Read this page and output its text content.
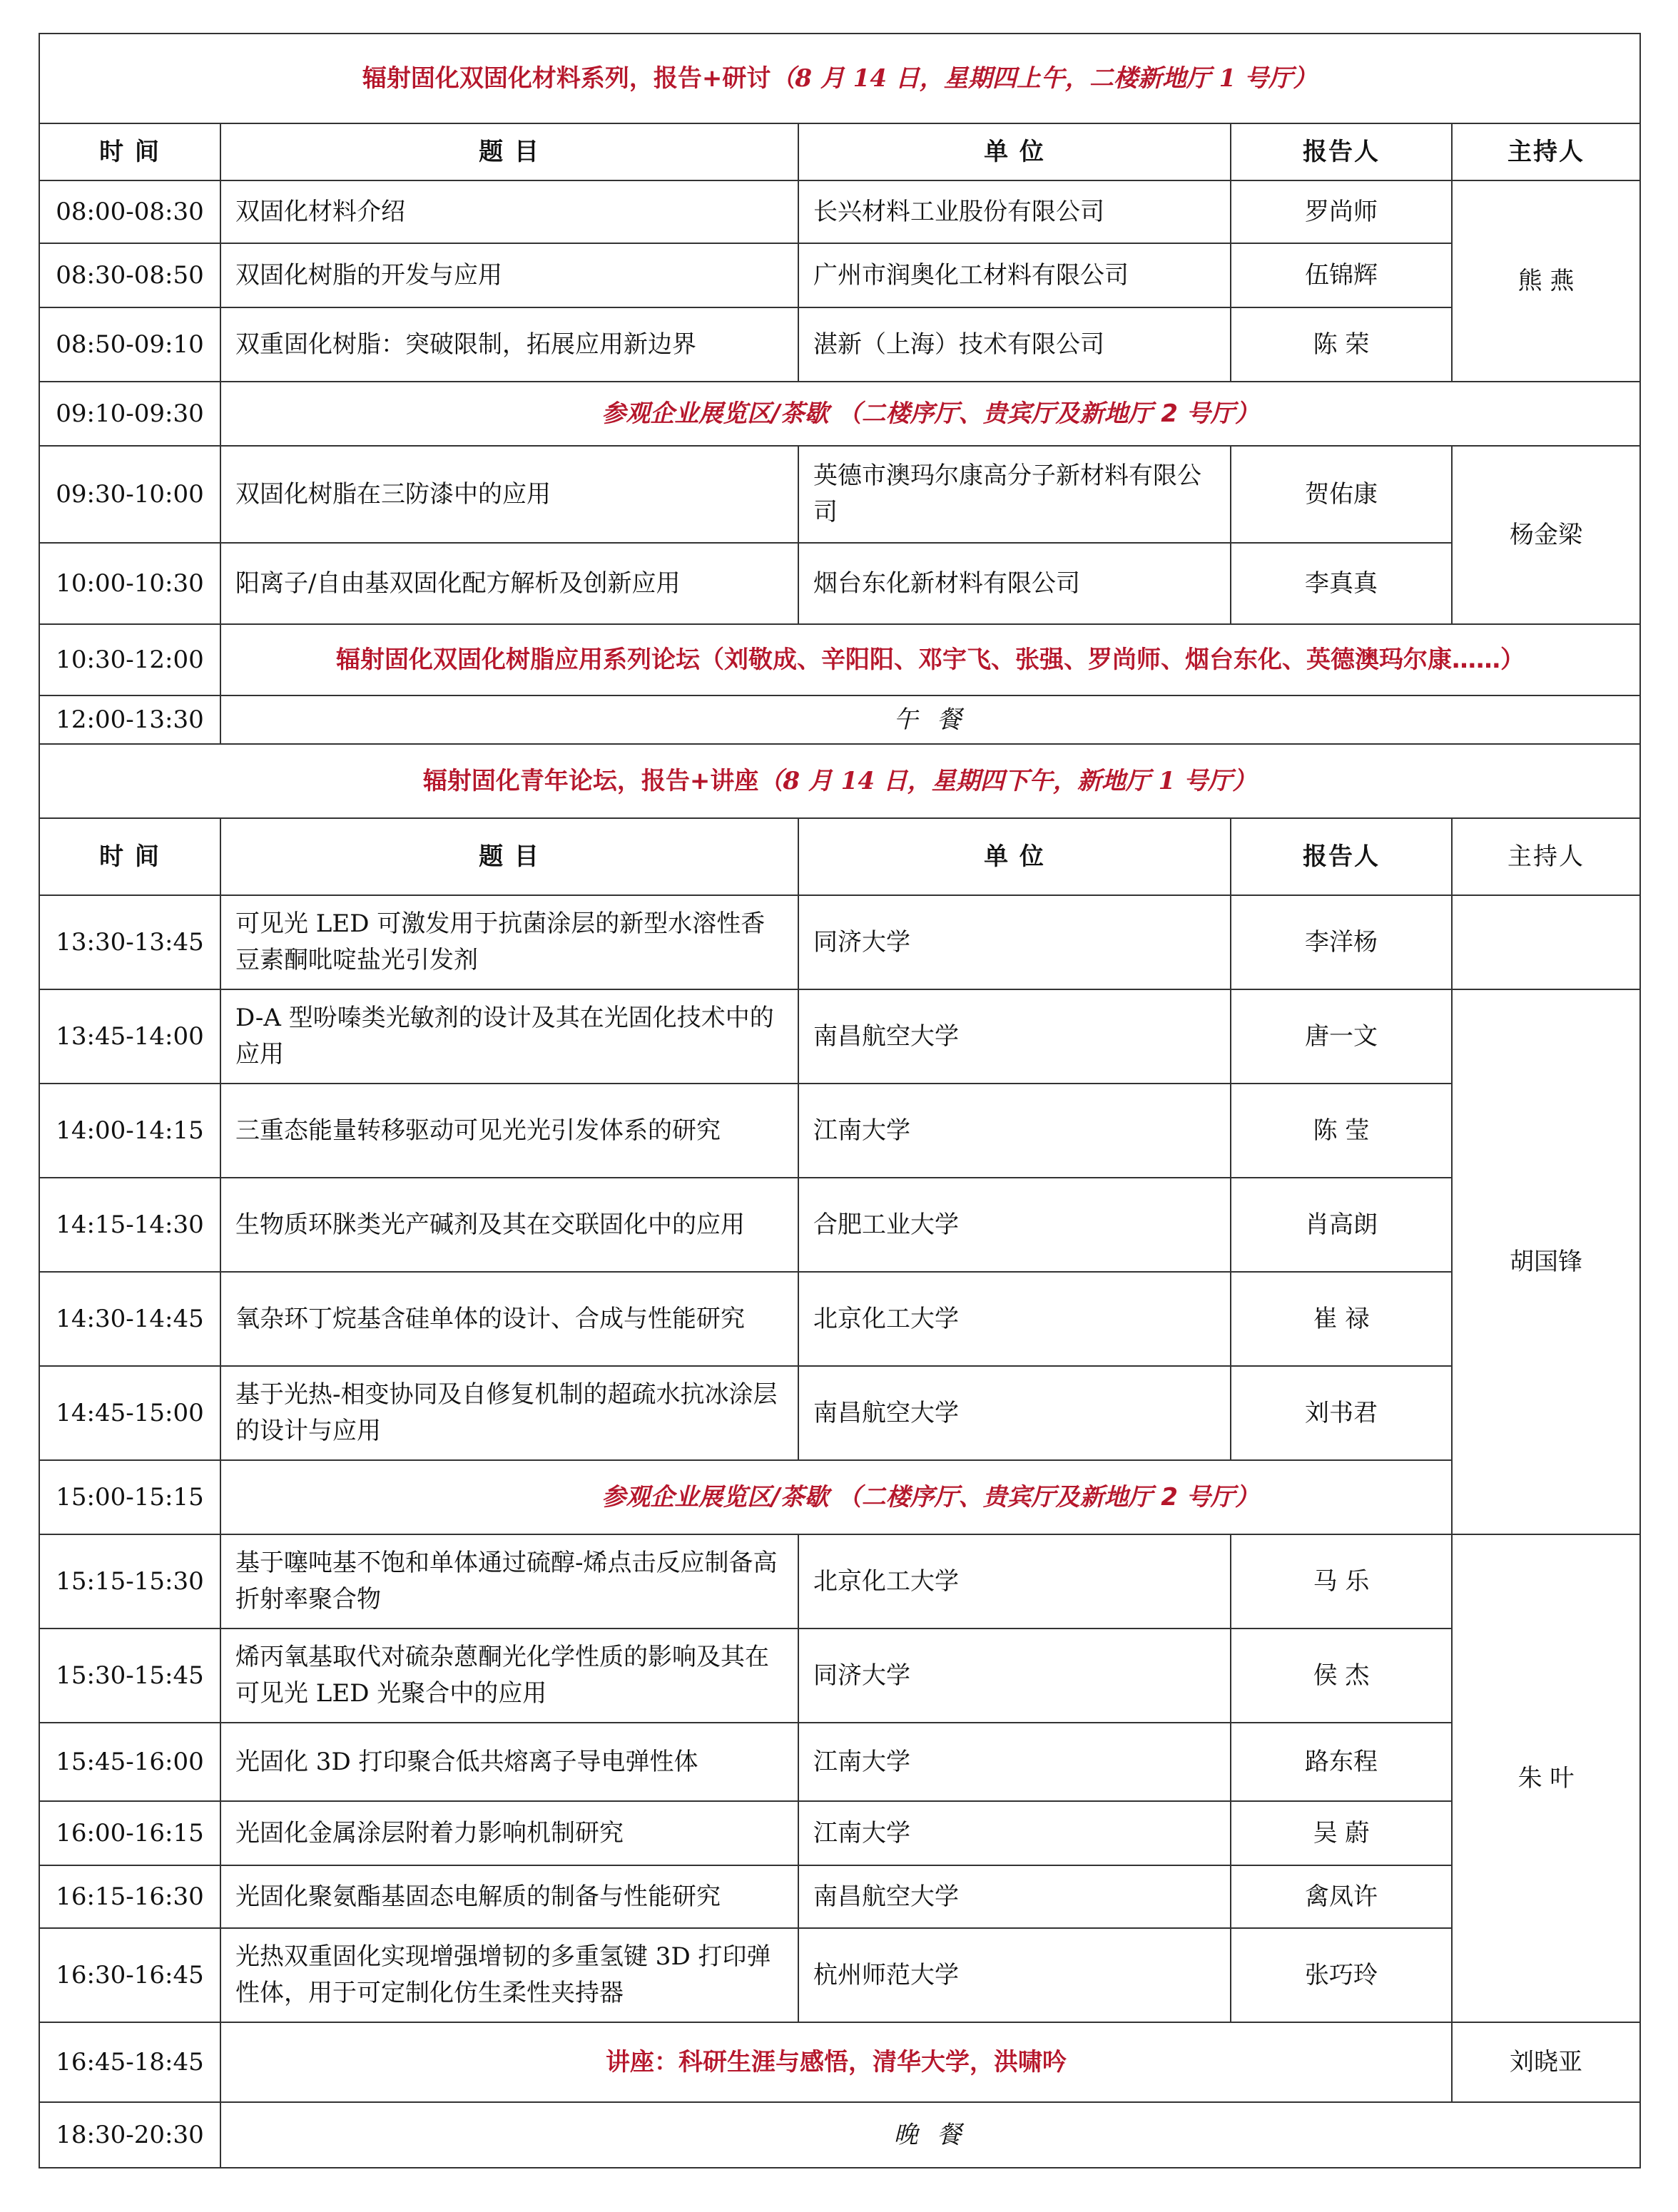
辐射固化双固化材料系列，报告+研讨（8 月 14 日，星期四上午，二楼新地厅 1 号厅）				
时 间	题 目	单 位	报告人	主持人
08:00-08:30	双固化材料介绍	长兴材料工业股份有限公司	罗尚师	熊 燕
08:30-08:50	双固化树脂的开发与应用	广州市润奥化工材料有限公司	伍锦辉	
08:50-09:10	双重固化树脂：突破限制，拓展应用新边界	湛新（上海）技术有限公司	陈 荣	
09:10-09:30	参观企业展览区/茶歇 （二楼序厅、贵宾厅及新地厅 2 号厅）			
09:30-10:00	双固化树脂在三防漆中的应用	英德市澳玛尔康高分子新材料有限公司	贺佑康	杨金梁
10:00-10:30	阳离子/自由基双固化配方解析及创新应用	烟台东化新材料有限公司	李真真	
10:30-12:00	辐射固化双固化树脂应用系列论坛（刘敬成、辛阳阳、邓宇飞、张强、罗尚师、烟台东化、英德澳玛尔康……）			
12:00-13:30	午 餐			
辐射固化青年论坛，报告+讲座（8 月 14 日，星期四下午，新地厅 1 号厅）				
时 间	题 目	单 位	报告人	主持人
13:30-13:45	可见光 LED 可激发用于抗菌涂层的新型水溶性香豆素酮吡啶盐光引发剂	同济大学	李洋杨	
13:45-14:00	D-A 型吩嗪类光敏剂的设计及其在光固化技术中的应用	南昌航空大学	唐一文	胡国锋
14:00-14:15	三重态能量转移驱动可见光光引发体系的研究	江南大学	陈 莹	
14:15-14:30	生物质环脒类光产碱剂及其在交联固化中的应用	合肥工业大学	肖高朗	
14:30-14:45	氧杂环丁烷基含硅单体的设计、合成与性能研究	北京化工大学	崔 禄	
14:45-15:00	基于光热-相变协同及自修复机制的超疏水抗冰涂层的设计与应用	南昌航空大学	刘书君	
15:00-15:15	参观企业展览区/茶歇 （二楼序厅、贵宾厅及新地厅 2 号厅）			
15:15-15:30	基于噻吨基不饱和单体通过硫醇-烯点击反应制备高折射率聚合物	北京化工大学	马 乐	朱 叶
15:30-15:45	烯丙氧基取代对硫杂蒽酮光化学性质的影响及其在可见光 LED 光聚合中的应用	同济大学	侯 杰	
15:45-16:00	光固化 3D 打印聚合低共熔离子导电弹性体	江南大学	路东程	
16:00-16:15	光固化金属涂层附着力影响机制研究	江南大学	吴 蔚	
16:15-16:30	光固化聚氨酯基固态电解质的制备与性能研究	南昌航空大学	禽凤许	
16:30-16:45	光热双重固化实现增强增韧的多重氢键 3D 打印弹性体，用于可定制化仿生柔性夹持器	杭州师范大学	张巧玲	
16:45-18:45	讲座：科研生涯与感悟，清华大学，洪啸吟			刘晓亚
18:30-20:30	晚 餐			
